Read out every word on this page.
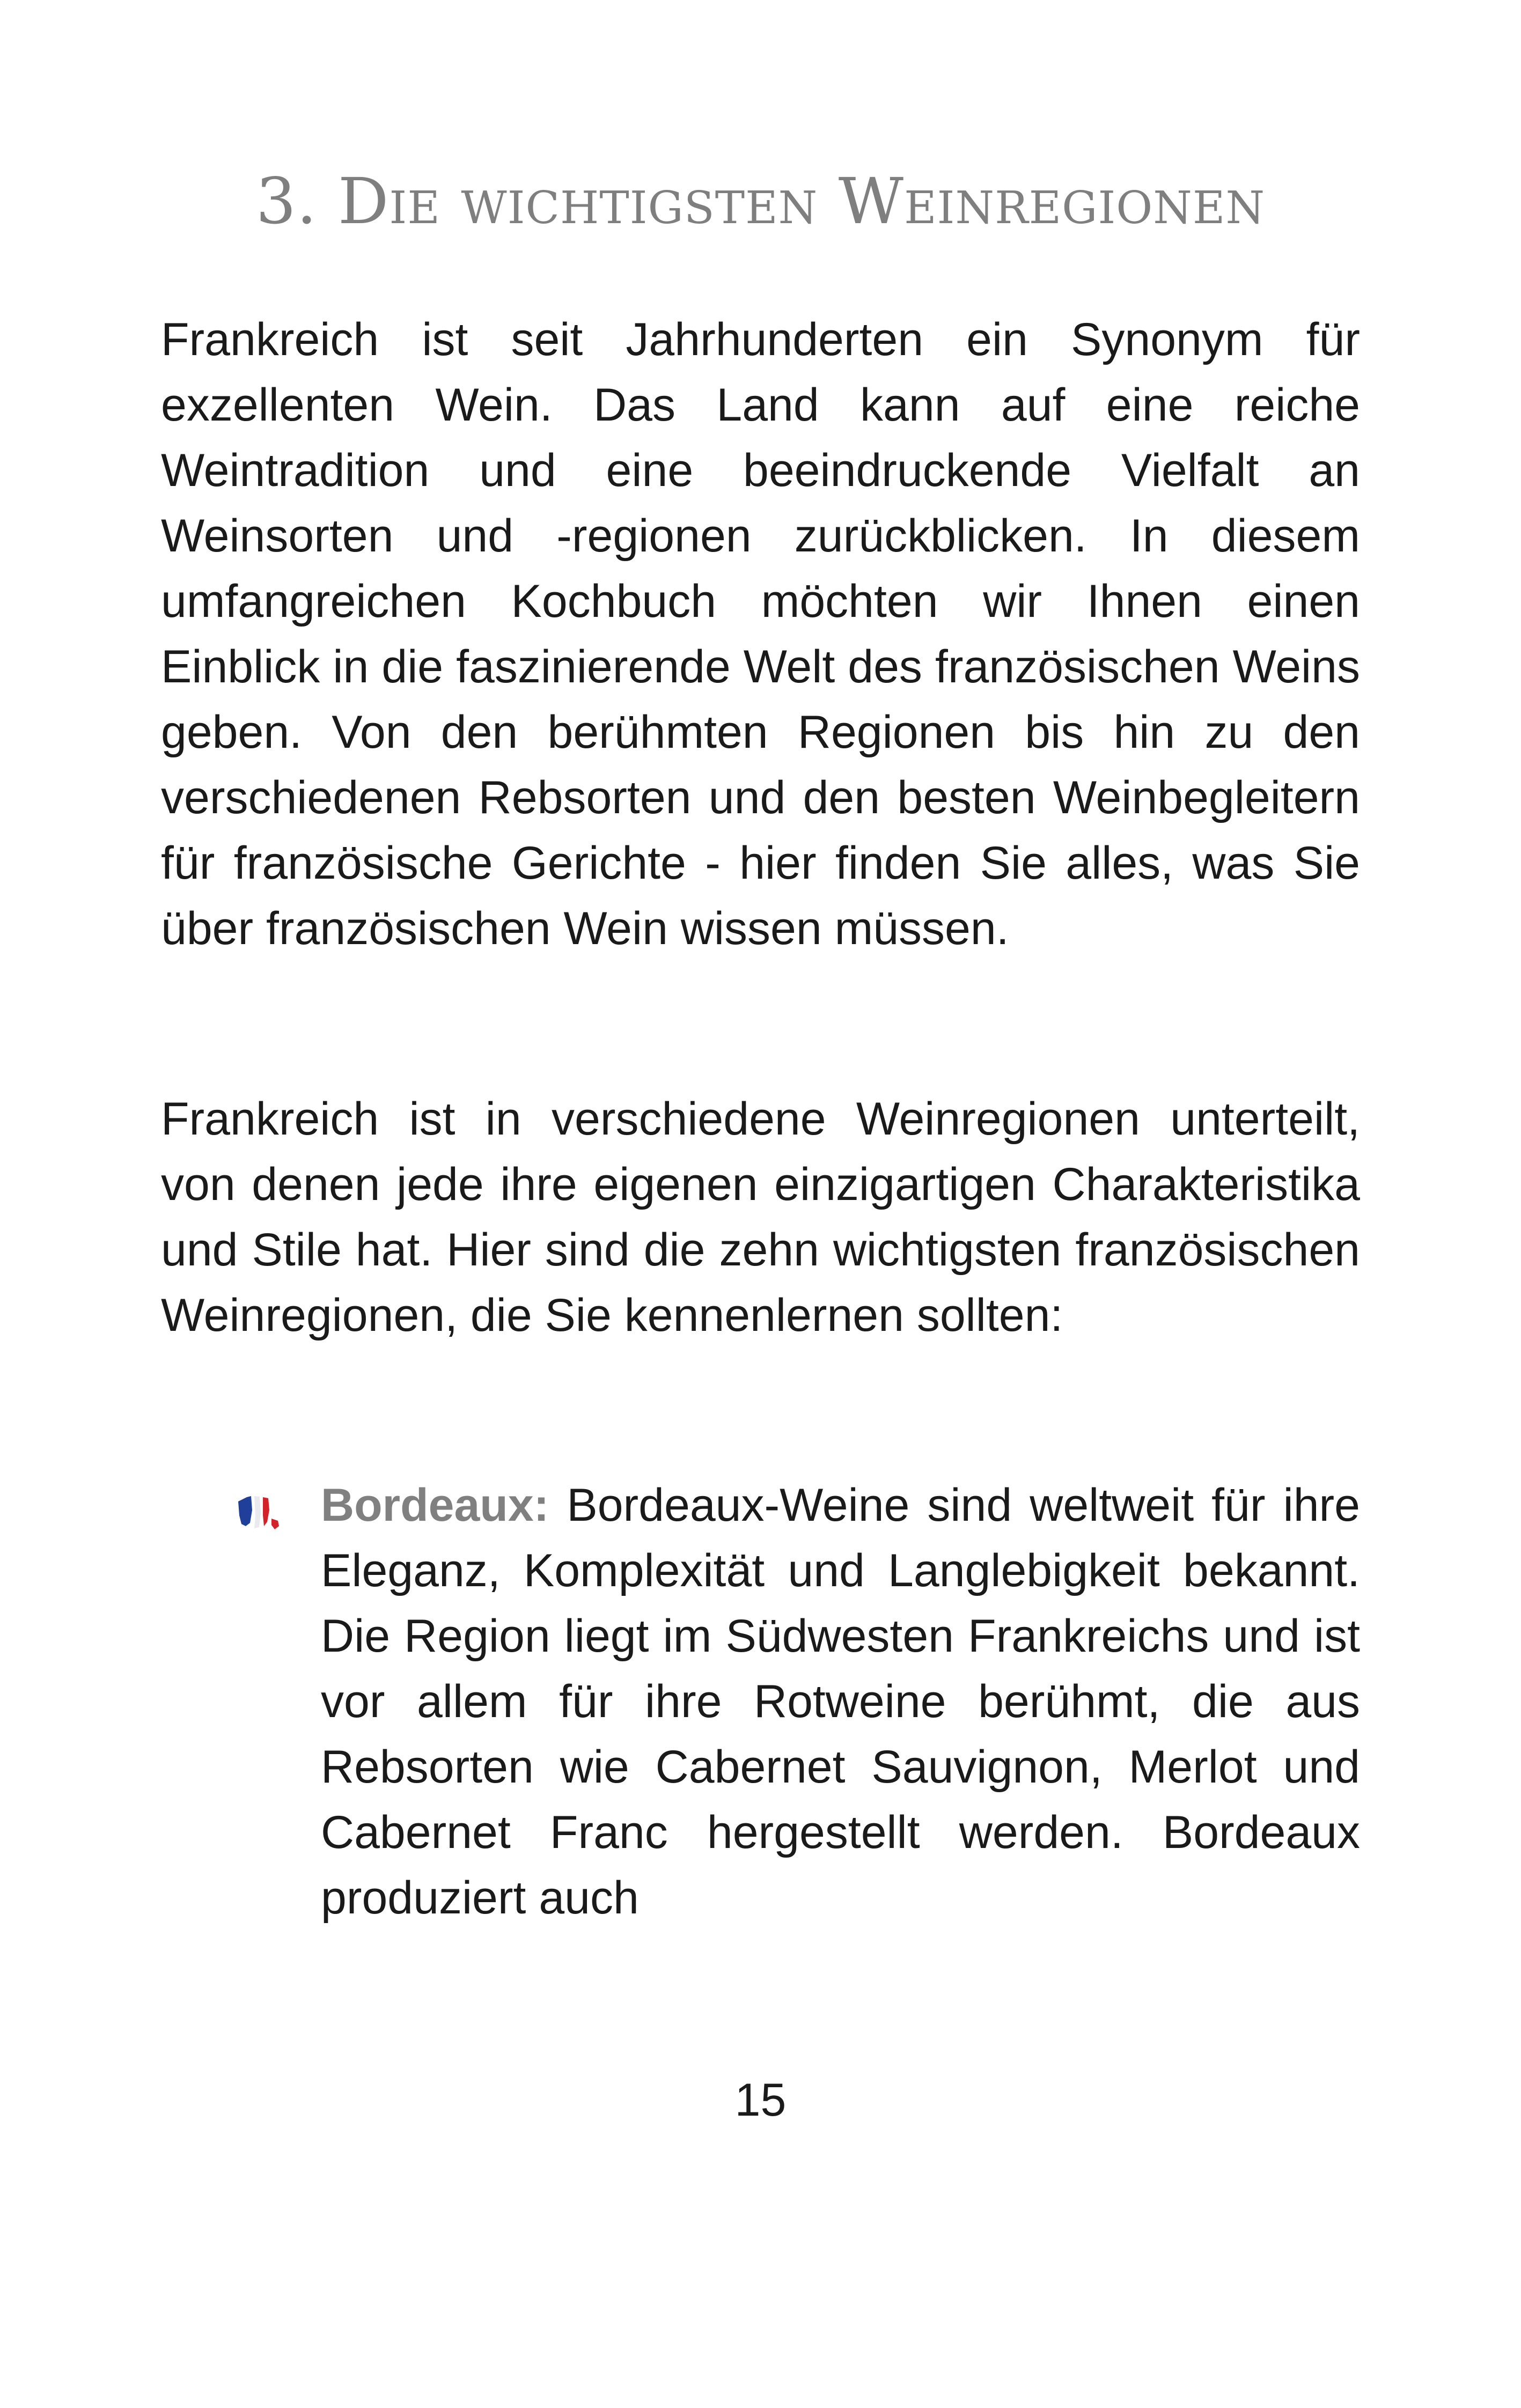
3. Die wichtigsten Weinregionen

Frankreich ist seit Jahrhunderten ein Synonym für exzellenten Wein. Das Land kann auf eine reiche Weintradition und eine beeindruckende Vielfalt an Weinsorten und -regionen zurückblicken. In diesem umfangreichen Kochbuch möchten wir Ihnen einen Einblick in die faszinierende Welt des französischen Weins geben. Von den berühmten Regionen bis hin zu den verschiedenen Rebsorten und den besten Weinbegleitern für französische Gerichte - hier finden Sie alles, was Sie über französischen Wein wissen müssen.

Frankreich ist in verschiedene Weinregionen unterteilt, von denen jede ihre eigenen einzigartigen Charakteristika und Stile hat. Hier sind die zehn wichtigsten französischen Weinregionen, die Sie kennenlernen sollten:

Bordeaux: Bordeaux-Weine sind weltweit für ihre Eleganz, Komplexität und Langlebigkeit bekannt. Die Region liegt im Südwesten Frankreichs und ist vor allem für ihre Rotweine berühmt, die aus Rebsorten wie Cabernet Sauvignon, Merlot und Cabernet Franc hergestellt werden. Bordeaux produziert auch
15
